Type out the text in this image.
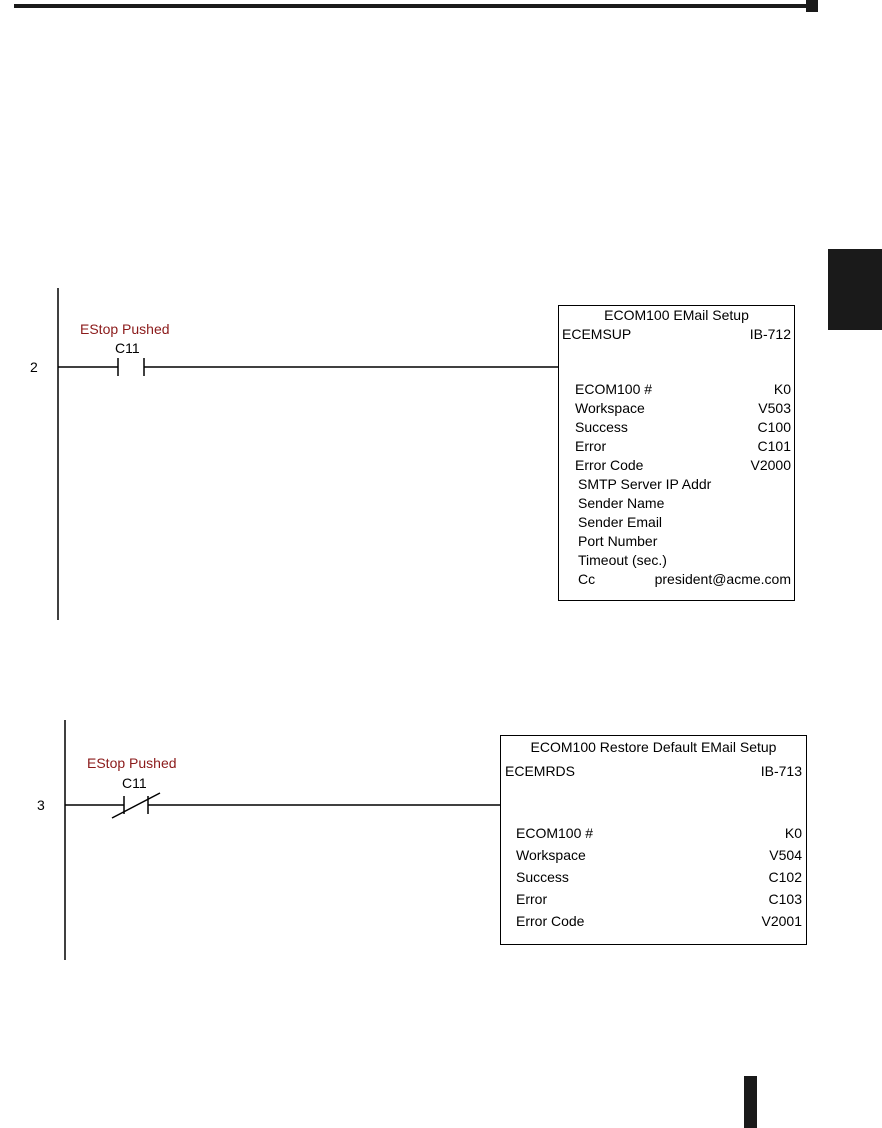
2
EStop Pushed
C11
ECOM100 EMail Setup
ECEMSUP	IB-712
ECOM100 #	K0
Workspace	V503
Success	C100
Error	C101
Error Code	V2000
SMTP Server IP Addr
Sender Name
Sender Email
Port Number
Timeout (sec.)
Cc	president@acme.com
3
EStop Pushed
C11
ECOM100 Restore Default EMail Setup
ECEMRDS	IB-713
ECOM100 #	K0
Workspace	V504
Success	C102
Error	C103
Error Code	V2001
